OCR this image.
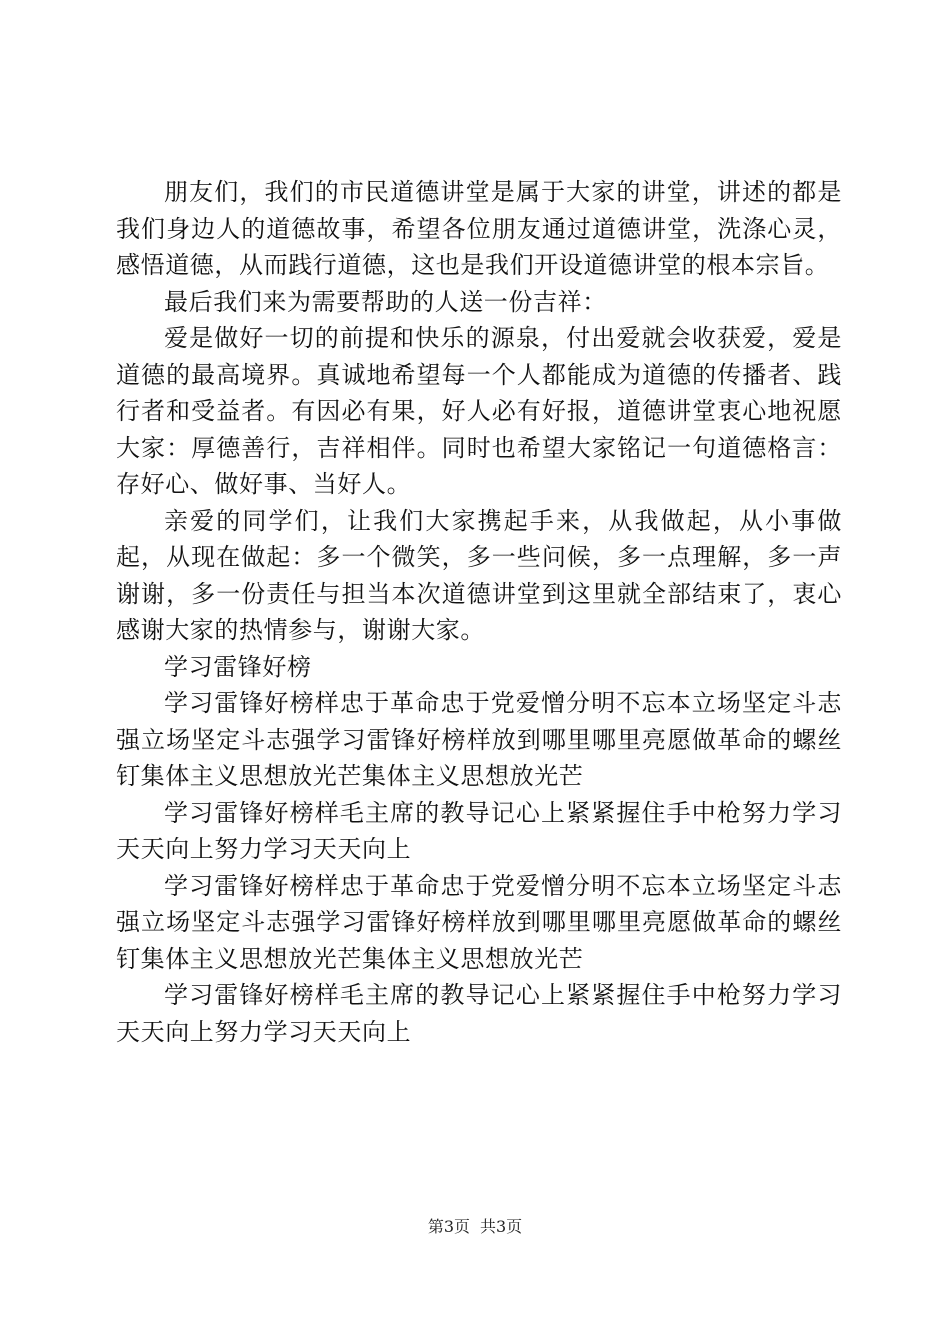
朋友们，我们的市民道德讲堂是属于大家的讲堂，讲述的都是我们身边人的道德故事，希望各位朋友通过道德讲堂，洗涤心灵，感悟道德，从而践行道德，这也是我们开设道德讲堂的根本宗旨。

最后我们来为需要帮助的人送一份吉祥：

爱是做好一切的前提和快乐的源泉，付出爱就会收获爱，爱是道德的最高境界。真诚地希望每一个人都能成为道德的传播者、践行者和受益者。有因必有果，好人必有好报，道德讲堂衷心地祝愿大家：厚德善行，吉祥相伴。同时也希望大家铭记一句道德格言：存好心、做好事、当好人。

亲爱的同学们，让我们大家携起手来，从我做起，从小事做起，从现在做起：多一个微笑，多一些问候，多一点理解，多一声谢谢，多一份责任与担当本次道德讲堂到这里就全部结束了，衷心感谢大家的热情参与，谢谢大家。

学习雷锋好榜

学习雷锋好榜样忠于革命忠于党爱憎分明不忘本立场坚定斗志强立场坚定斗志强学习雷锋好榜样放到哪里哪里亮愿做革命的螺丝钉集体主义思想放光芒集体主义思想放光芒

学习雷锋好榜样毛主席的教导记心上紧紧握住手中枪努力学习天天向上努力学习天天向上

学习雷锋好榜样忠于革命忠于党爱憎分明不忘本立场坚定斗志强立场坚定斗志强学习雷锋好榜样放到哪里哪里亮愿做革命的螺丝钉集体主义思想放光芒集体主义思想放光芒

学习雷锋好榜样毛主席的教导记心上紧紧握住手中枪努力学习天天向上努力学习天天向上

第3页 共3页
